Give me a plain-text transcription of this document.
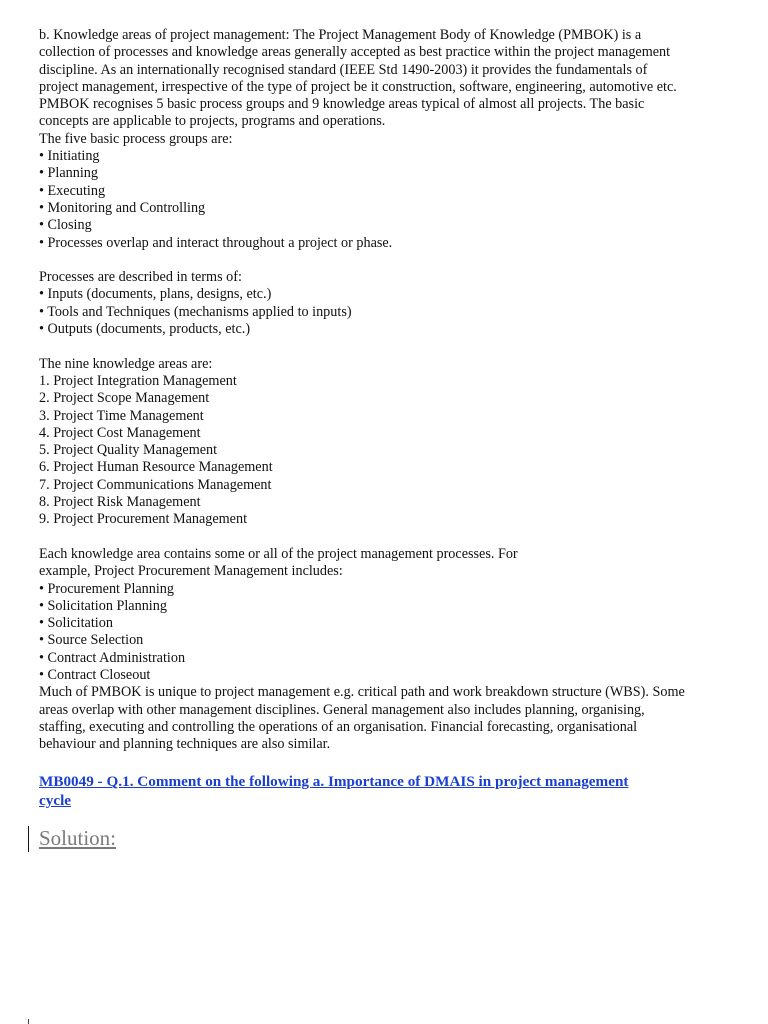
b. Knowledge areas of project management: The Project Management Body of Knowledge (PMBOK) is a
collection of processes and knowledge areas generally accepted as best practice within the project management
discipline. As an internationally recognised standard (IEEE Std 1490-2003) it provides the fundamentals of
project management, irrespective of the type of project be it construction, software, engineering, automotive etc.
PMBOK recognises 5 basic process groups and 9 knowledge areas typical of almost all projects. The basic
concepts are applicable to projects, programs and operations.

The five basic process groups are:
• Initiating
• Planning
• Executing
• Monitoring and Controlling
• Closing
• Processes overlap and interact throughout a project or phase.
Processes are described in terms of:
• Inputs (documents, plans, designs, etc.)
• Tools and Techniques (mechanisms applied to inputs)
• Outputs (documents, products, etc.)
The nine knowledge areas are:
1. Project Integration Management
2. Project Scope Management
3. Project Time Management
4. Project Cost Management
5. Project Quality Management
6. Project Human Resource Management
7. Project Communications Management
8. Project Risk Management
9. Project Procurement Management
Each knowledge area contains some or all of the project management processes. For
example, Project Procurement Management includes:
• Procurement Planning
• Solicitation Planning
• Solicitation
• Source Selection
• Contract Administration
• Contract Closeout

Much of PMBOK is unique to project management e.g. critical path and work breakdown structure (WBS). Some
areas overlap with other management disciplines. General management also includes planning, organising,
staffing, executing and controlling the operations of an organisation. Financial forecasting, organisational
behaviour and planning techniques are also similar.

MB0049 - Q.1. Comment on the following a. Importance of DMAIS in project management
cycle
Solution:
